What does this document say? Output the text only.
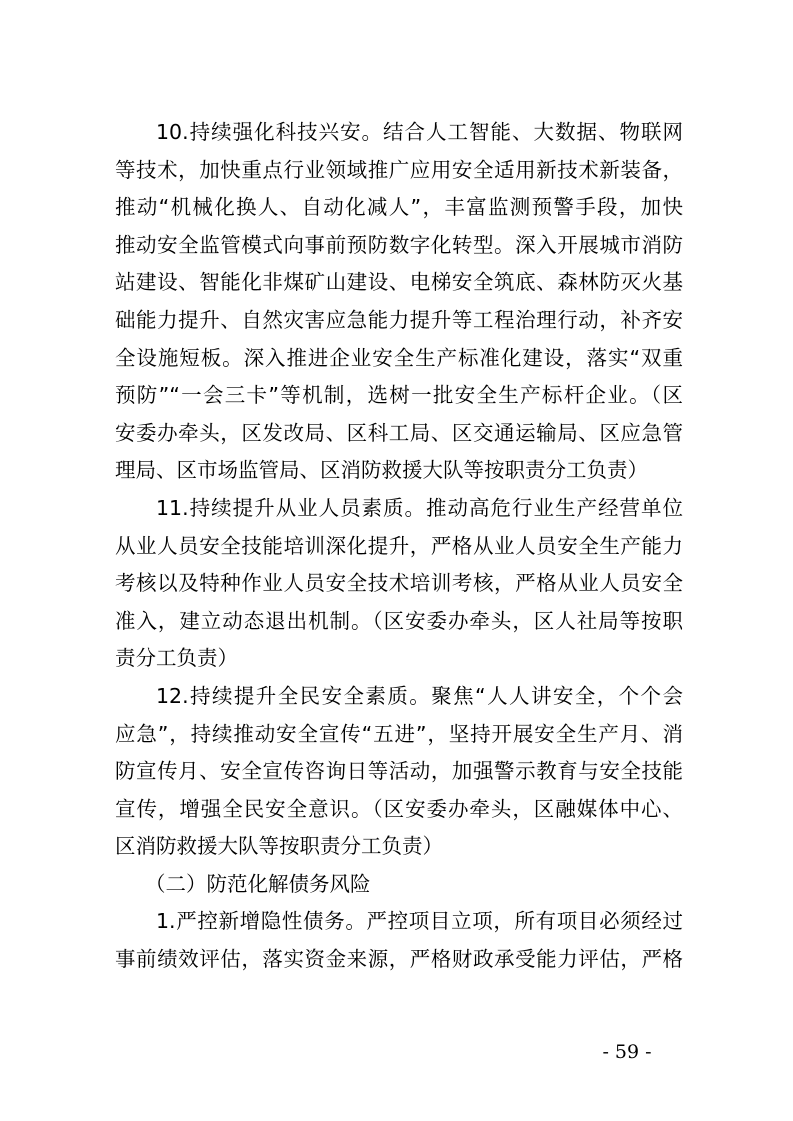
10.持续强化科技兴安。结合人工智能、大数据、物联网
等技术，加快重点行业领域推广应用安全适用新技术新装备，
推动“机械化换人、自动化减人”，丰富监测预警手段，加快
推动安全监管模式向事前预防数字化转型。深入开展城市消防
站建设、智能化非煤矿山建设、电梯安全筑底、森林防灭火基
础能力提升、自然灾害应急能力提升等工程治理行动，补齐安
全设施短板。深入推进企业安全生产标准化建设，落实“双重
预防”“一会三卡”等机制，选树一批安全生产标杆企业。（区
安委办牵头，区发改局、区科工局、区交通运输局、区应急管
理局、区市场监管局、区消防救援大队等按职责分工负责）
11.持续提升从业人员素质。推动高危行业生产经营单位
从业人员安全技能培训深化提升，严格从业人员安全生产能力
考核以及特种作业人员安全技术培训考核，严格从业人员安全
准入，建立动态退出机制。（区安委办牵头，区人社局等按职
责分工负责）
12.持续提升全民安全素质。聚焦“人人讲安全，个个会
应急”，持续推动安全宣传“五进”，坚持开展安全生产月、消
防宣传月、安全宣传咨询日等活动，加强警示教育与安全技能
宣传，增强全民安全意识。（区安委办牵头，区融媒体中心、
区消防救援大队等按职责分工负责）
（二）防范化解债务风险
1.严控新增隐性债务。严控项目立项，所有项目必须经过
事前绩效评估，落实资金来源，严格财政承受能力评估，严格
- 59 -
